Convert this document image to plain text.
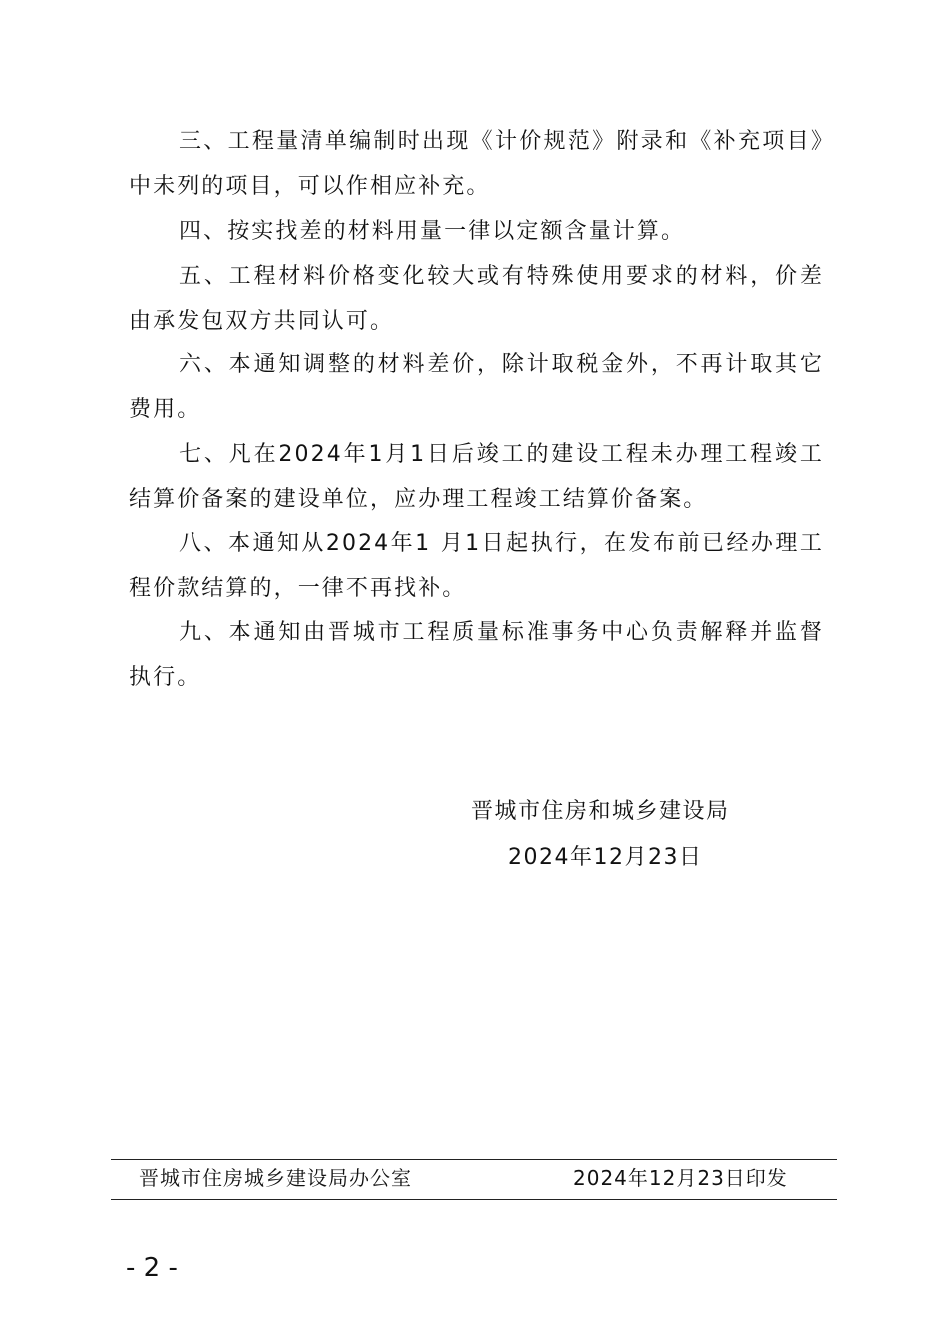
三、工程量清单编制时出现《计价规范》附录和《补充项目》中未列的项目，可以作相应补充。

四、按实找差的材料用量一律以定额含量计算。

五、工程材料价格变化较大或有特殊使用要求的材料，价差由承发包双方共同认可。

六、本通知调整的材料差价，除计取税金外，不再计取其它费用。

七、凡在2024年1月1日后竣工的建设工程未办理工程竣工结算价备案的建设单位，应办理工程竣工结算价备案。

八、本通知从2024年1 月1日起执行，在发布前已经办理工程价款结算的，一律不再找补。

九、本通知由晋城市工程质量标准事务中心负责解释并监督执行。

晋城市住房和城乡建设局
2024年12月23日
晋城市住房城乡建设局办公室	2024年12月23日印发
- 2 -
